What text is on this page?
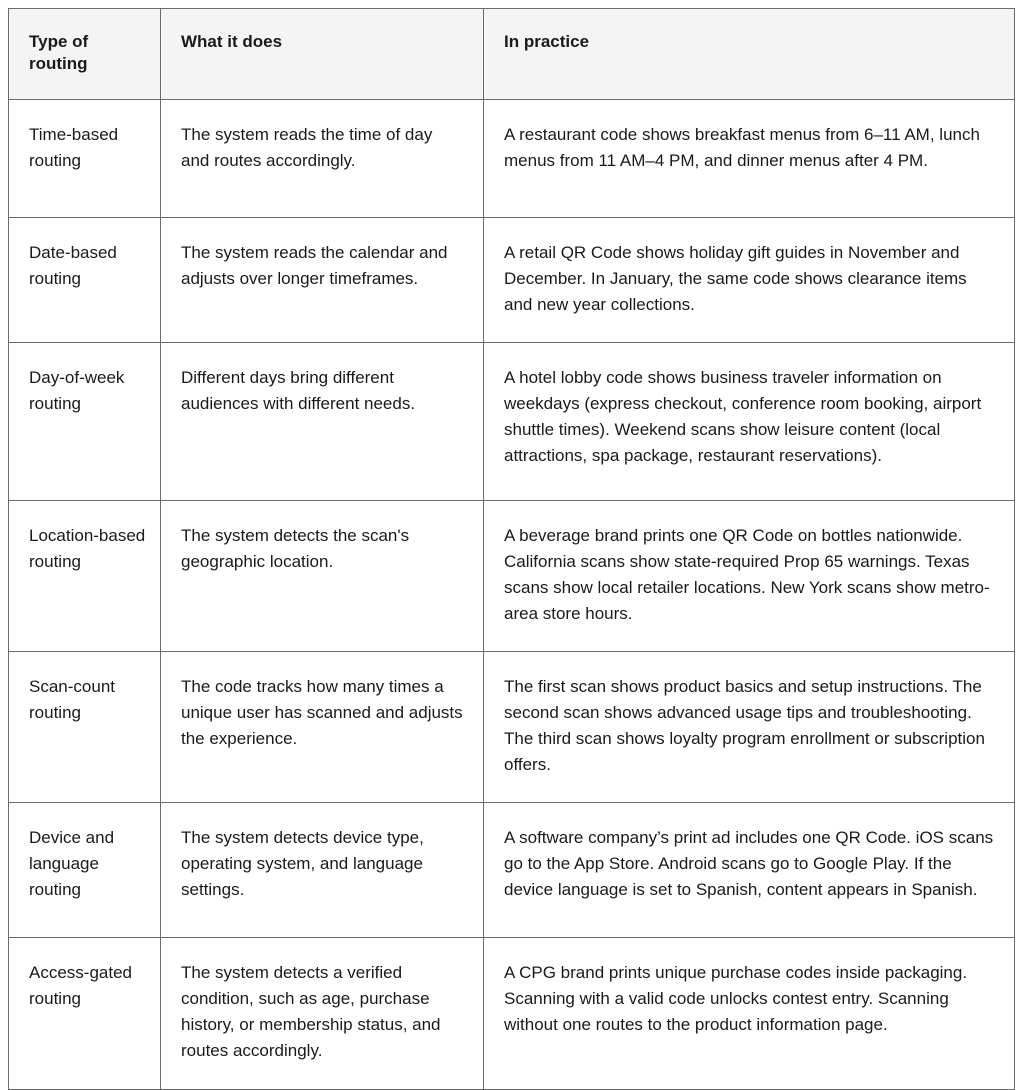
Type of routing	What it does	In practice
Time-based routing	The system reads the time of day and routes accordingly.	A restaurant code shows breakfast menus from 6–11 AM, lunch menus from 11 AM–4 PM, and dinner menus after 4 PM.
Date-based routing	The system reads the calendar and adjusts over longer timeframes.	A retail QR Code shows holiday gift guides in November and December. In January, the same code shows clearance items and new year collections.
Day-of-week routing	Different days bring different audiences with different needs.	A hotel lobby code shows business traveler information on weekdays (express checkout, conference room booking, airport shuttle times). Weekend scans show leisure content (local attractions, spa package, restaurant reservations).
Location-based routing	The system detects the scan's geographic location.	A beverage brand prints one QR Code on bottles nationwide. California scans show state-required Prop 65 warnings. Texas scans show local retailer locations. New York scans show metro-area store hours.
Scan-count routing	The code tracks how many times a unique user has scanned and adjusts the experience.	The first scan shows product basics and setup instructions. The second scan shows advanced usage tips and troubleshooting. The third scan shows loyalty program enrollment or subscription offers.
Device and language routing	The system detects device type, operating system, and language settings.	A software company’s print ad includes one QR Code. iOS scans go to the App Store. Android scans go to Google Play. If the device language is set to Spanish, content appears in Spanish.
Access-gated routing	The system detects a verified condition, such as age, purchase history, or membership status, and routes accordingly.	A CPG brand prints unique purchase codes inside packaging. Scanning with a valid code unlocks contest entry. Scanning without one routes to the product information page.
